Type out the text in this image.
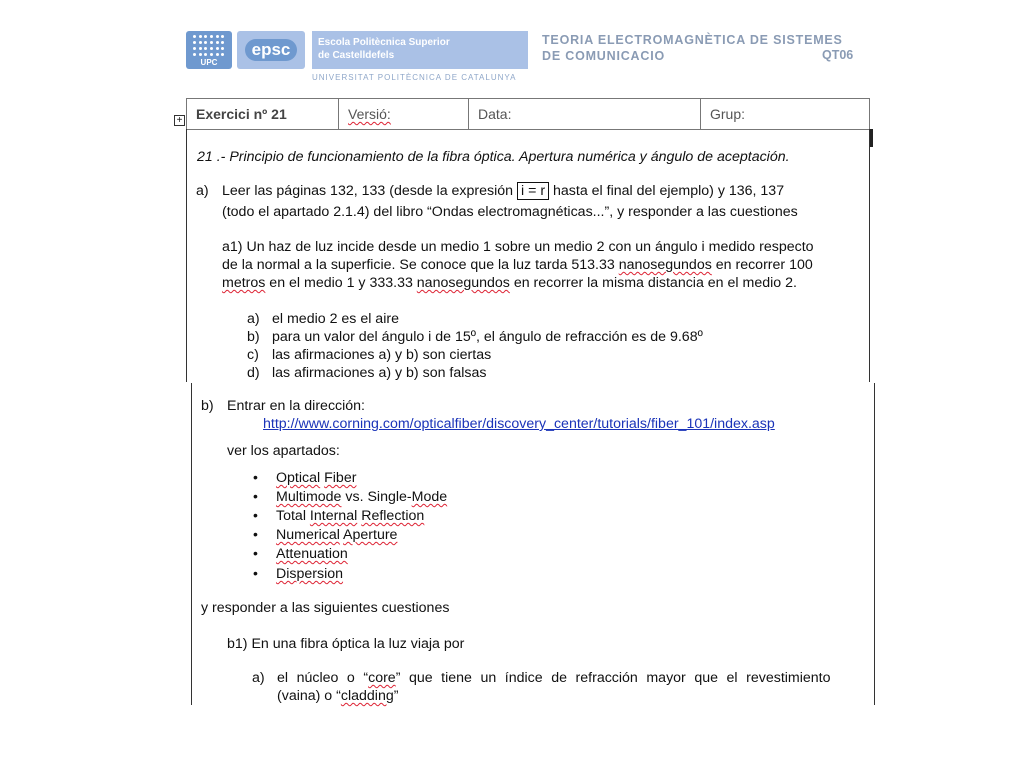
UPC
epsc	Escola Politècnica Superior
de Castelldefels
UNIVERSITAT POLITÈCNICA DE CATALUNYA
TEORIA ELECTROMAGNÈTICA DE SISTEMES
DE COMUNICACIO	QT06
+ Exercici nº 21	Versió:	Data:	Grup:
21 .- Principio de funcionamiento de la fibra óptica. Apertura numérica y ángulo de aceptación.
a) Leer las páginas 132, 133 (desde la expresión i = r hasta el final del ejemplo) y 136, 137
(todo el apartado 2.1.4) del libro “Ondas electromagnéticas...”, y responder a las cuestiones
a1) Un haz de luz incide desde un medio 1 sobre un medio 2 con un ángulo i medido respecto
de la normal a la superficie. Se conoce que la luz tarda 513.33 nanosegundos en recorrer 100
metros en el medio 1 y 333.33 nanosegundos en recorrer la misma distancia en el medio 2.
a) el medio 2 es el aire
b) para un valor del ángulo i de 15º, el ángulo de refracción es de 9.68º
c) las afirmaciones a) y b) son ciertas
d) las afirmaciones a) y b) son falsas
b) Entrar en la dirección:
http://www.corning.com/opticalfiber/discovery_center/tutorials/fiber_101/index.asp
ver los apartados:
• Optical Fiber
• Multimode vs. Single-Mode
• Total Internal Reflection
• Numerical Aperture
• Attenuation
• Dispersion
y responder a las siguientes cuestiones
b1) En una fibra óptica la luz viaja por
a) el núcleo o “core” que tiene un índice de refracción mayor que el revestimiento
(vaina) o “cladding”
